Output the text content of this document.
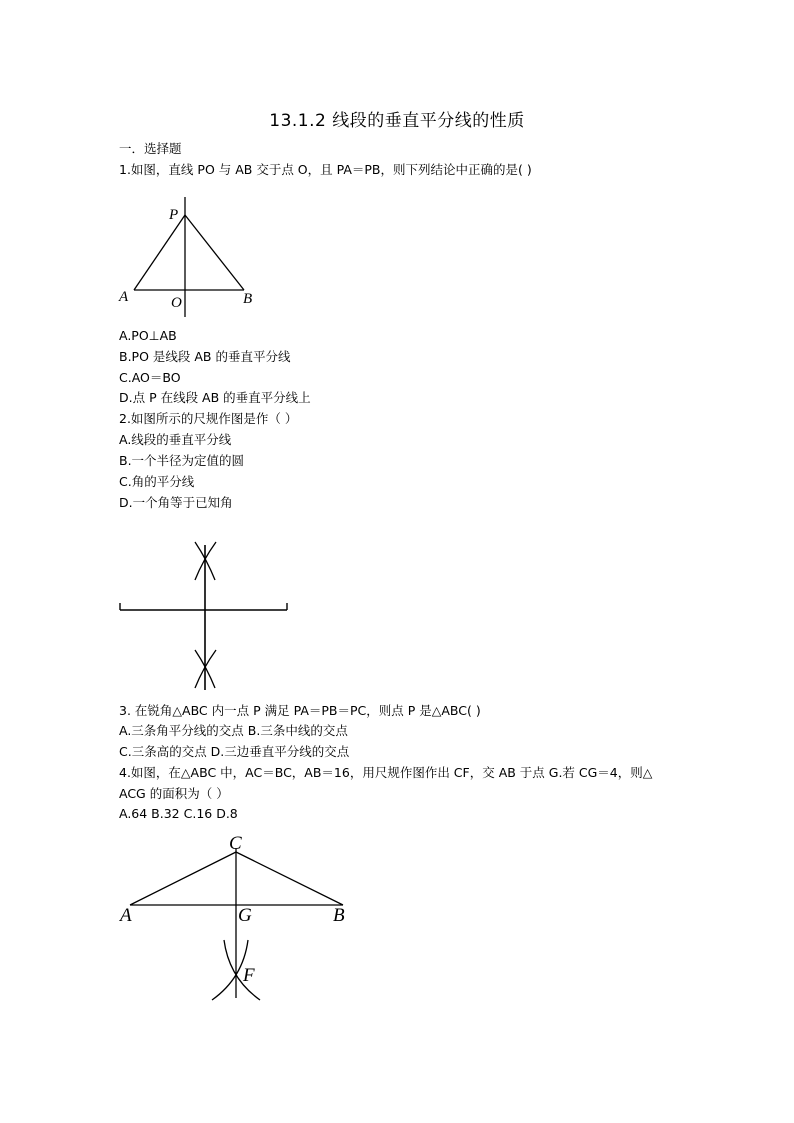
13.1.2 线段的垂直平分线的性质
一．选择题
1.如图，直线 PO 与 AB 交于点 O，且 PA＝PB，则下列结论中正确的是( )
P
A	O	B
A.PO⊥AB
B.PO 是线段 AB 的垂直平分线
C.AO＝BO
D.点 P 在线段 AB 的垂直平分线上
2.如图所示的尺规作图是作（ ）
A.线段的垂直平分线
B.一个半径为定值的圆
C.角的平分线
D.一个角等于已知角
3. 在锐角△ABC 内一点 P 满足 PA＝PB＝PC，则点 P 是△ABC( )
A.三条角平分线的交点 B.三条中线的交点
C.三条高的交点 D.三边垂直平分线的交点
4.如图，在△ABC 中，AC＝BC，AB＝16，用尺规作图作出 CF，交 AB 于点 G.若 CG＝4，则△
ACG 的面积为（ ）
A.64 B.32 C.16 D.8
C
A	G	B
F
